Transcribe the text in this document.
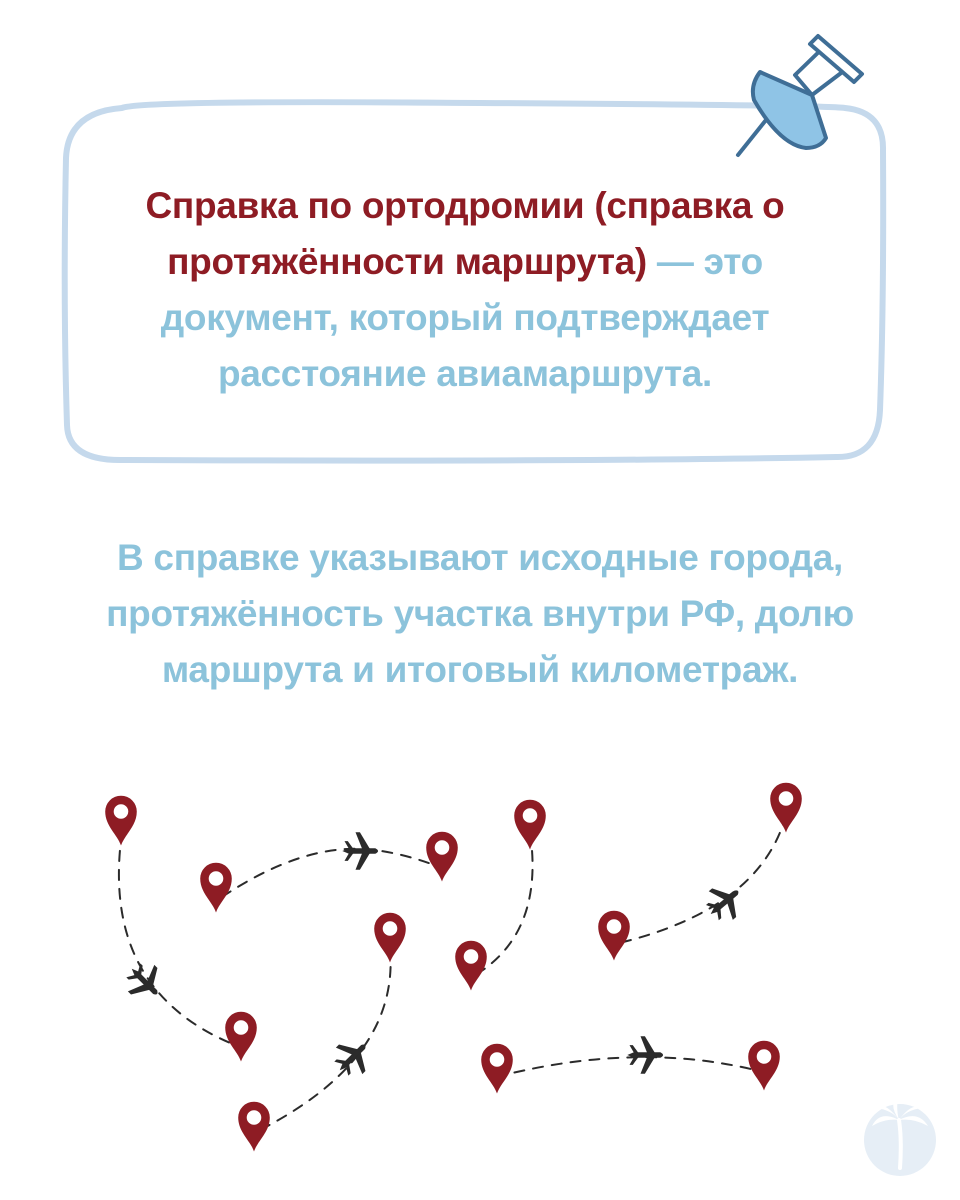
Справка по ортодромии (справка о протяжённости маршрута) — это документ, который подтверждает расстояние авиамаршрута.
В справке указывают исходные города, протяжённость участка внутри РФ, долю маршрута и итоговый километраж.
